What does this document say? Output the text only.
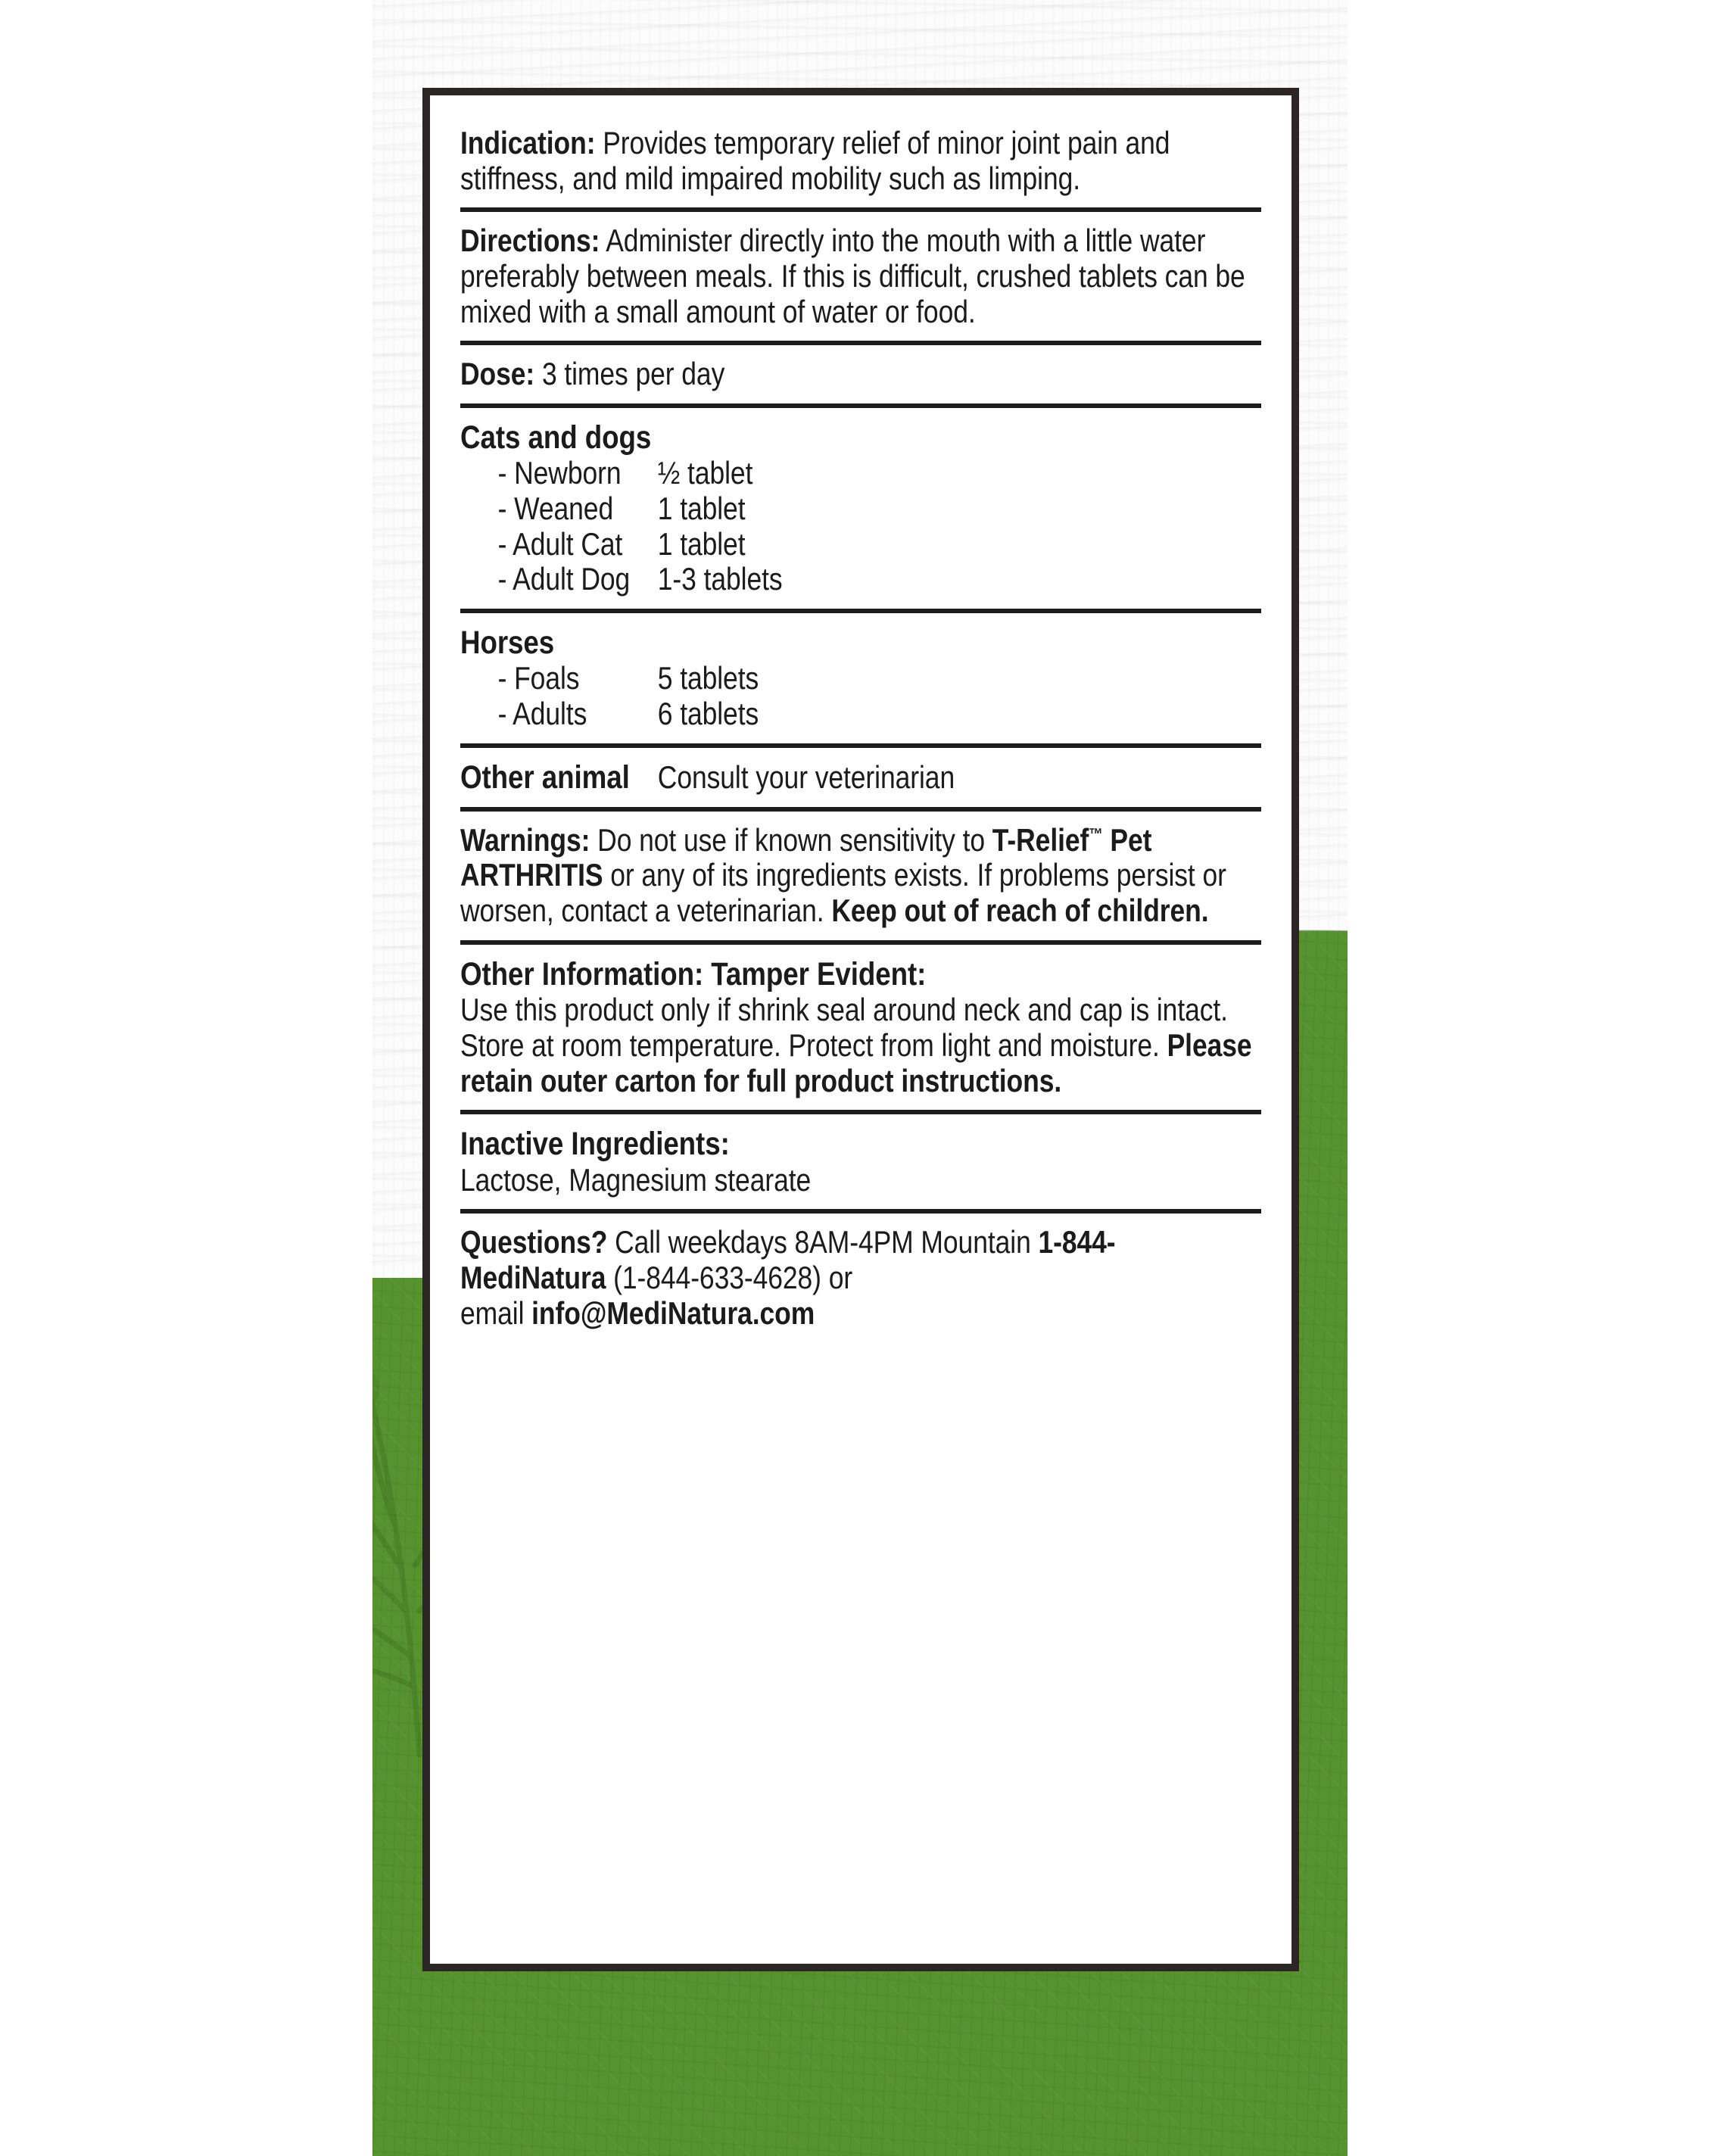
Indication: Provides temporary relief of minor joint pain and stiffness, and mild impaired mobility such as limping.
Directions: Administer directly into the mouth with a little water preferably between meals. If this is difficult, crushed tablets can be mixed with a small amount of water or food.
Dose: 3 times per day
Cats and dogs
- Newborn	½ tablet
- Weaned	1 tablet
- Adult Cat	1 tablet
- Adult Dog 1-3 tablets
Horses
- Foals	5 tablets
- Adults	6 tablets
Other animal Consult your veterinarian
Warnings: Do not use if known sensitivity to T-Relief™ Pet ARTHRITIS or any of its ingredients exists. If problems persist or worsen, contact a veterinarian. Keep out of reach of children.
Other Information: Tamper Evident:
Use this product only if shrink seal around neck and cap is intact. Store at room temperature. Protect from light and moisture. Please retain outer carton for full product instructions.
Inactive Ingredients:
Lactose, Magnesium stearate
Questions? Call weekdays 8AM-4PM Mountain 1-844-MediNatura (1-844-633-4628) or
email info@MediNatura.com
